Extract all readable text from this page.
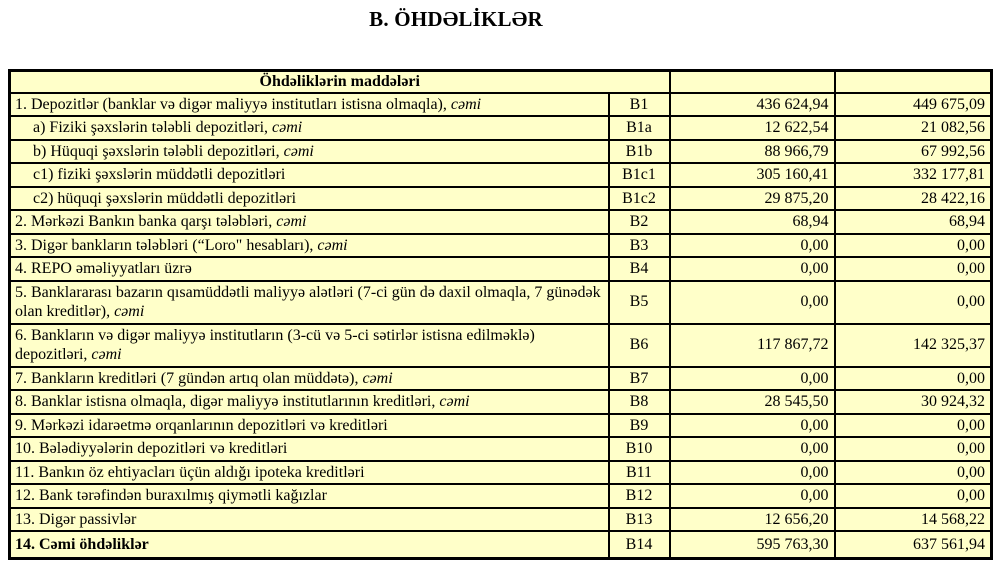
B. ÖHDƏLİKLƏR
Öhdəliklərin maddələri			
1. Depozitlər (banklar və digər maliyyə institutları istisna olmaqla), cəmi	B1	436 624,94	449 675,09
a) Fiziki şəxslərin tələbli depozitləri, cəmi	B1a	12 622,54	21 082,56
b) Hüquqi şəxslərin tələbli depozitləri, cəmi	B1b	88 966,79	67 992,56
c1) fiziki şəxslərin müddətli depozitləri	B1c1	305 160,41	332 177,81
c2) hüquqi şəxslərin müddətli depozitləri	B1c2	29 875,20	28 422,16
2. Mərkəzi Bankın banka qarşı tələbləri, cəmi	B2	68,94	68,94
3. Digər bankların tələbləri (“Loro" hesabları), cəmi	B3	0,00	0,00
4. REPO əməliyyatları üzrə	B4	0,00	0,00
5. Banklararası bazarın qısamüddətli maliyyə alətləri (7-ci gün də daxil olmaqla, 7 günədək olan kreditlər), cəmi	B5	0,00	0,00
6. Bankların və digər maliyyə institutların (3-cü və 5-ci sətirlər istisna edilməklə) depozitləri, cəmi	B6	117 867,72	142 325,37
7. Bankların kreditləri (7 gündən artıq olan müddətə), cəmi	B7	0,00	0,00
8. Banklar istisna olmaqla, digər maliyyə institutlarının kreditləri, cəmi	B8	28 545,50	30 924,32
9. Mərkəzi idarəetmə orqanlarının depozitləri və kreditləri	B9	0,00	0,00
10. Bələdiyyələrin depozitləri və kreditləri	B10	0,00	0,00
11. Bankın öz ehtiyacları üçün aldığı ipoteka kreditləri	B11	0,00	0,00
12. Bank tərəfindən buraxılmış qiymətli kağızlar	B12	0,00	0,00
13. Digər passivlər	B13	12 656,20	14 568,22
14. Cəmi öhdəliklər	B14	595 763,30	637 561,94
